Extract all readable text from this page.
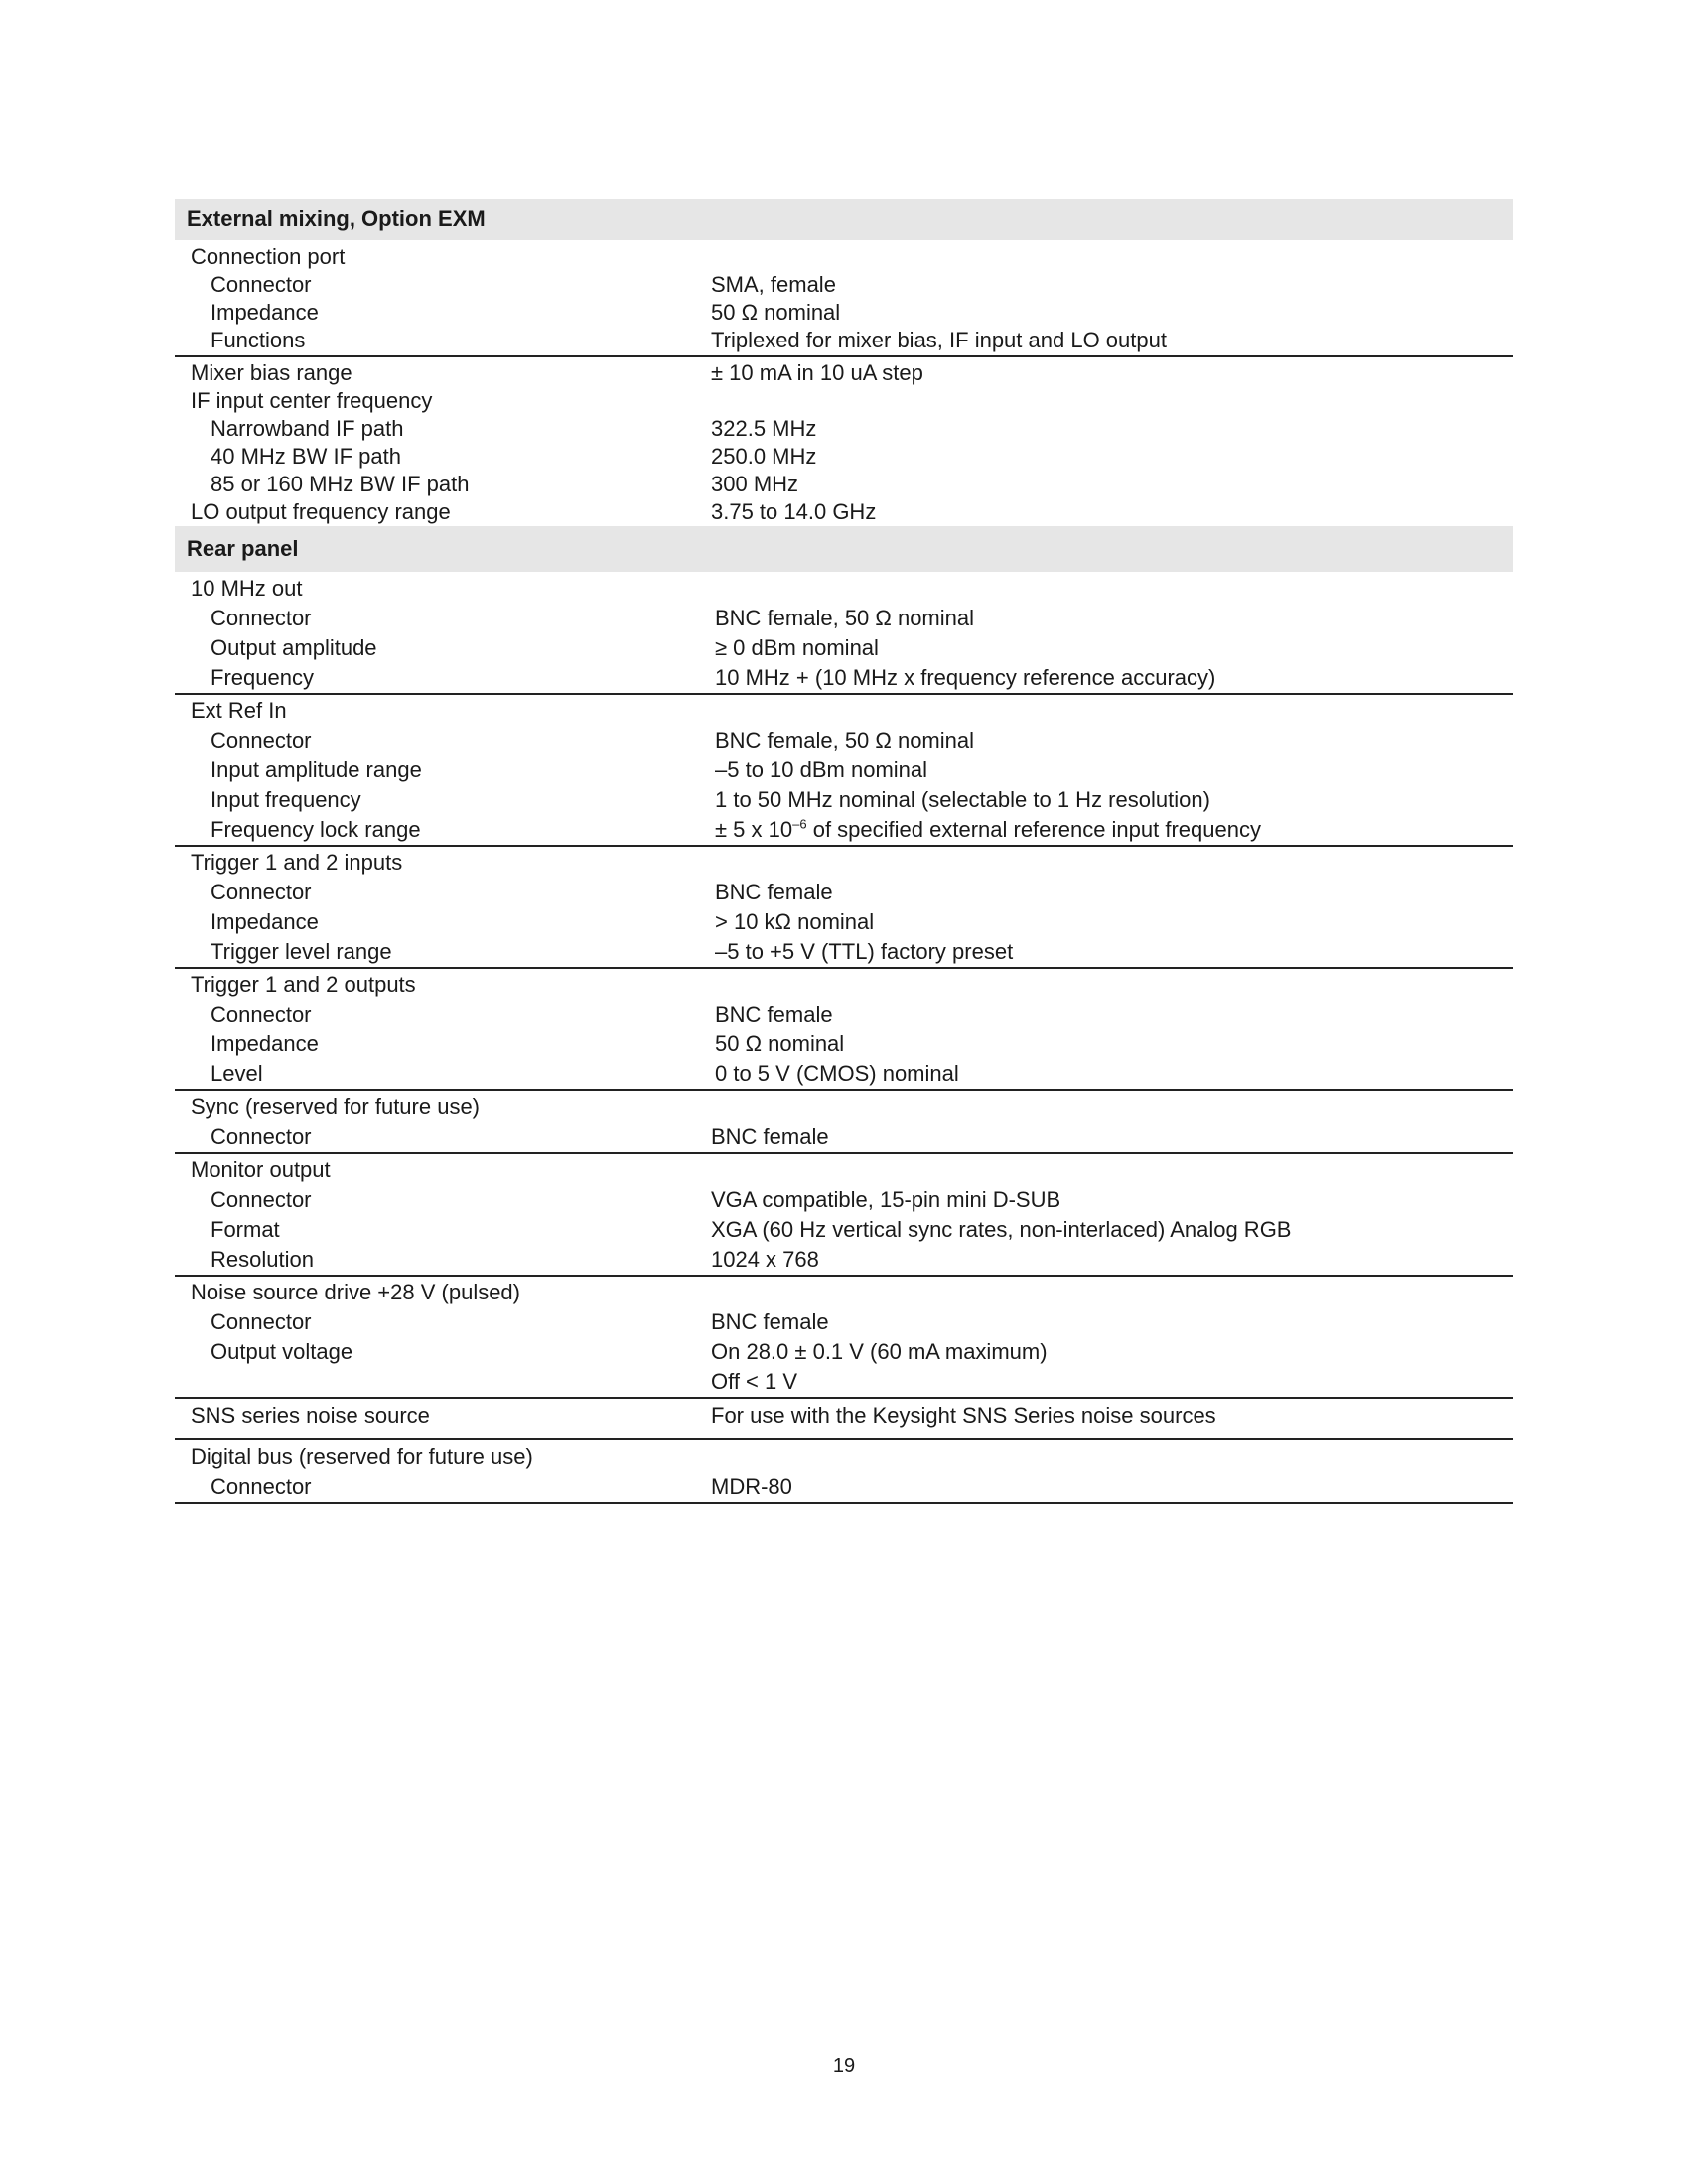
External mixing, Option EXM
Connection port
Connector	SMA, female
Impedance	50 Ω nominal
Functions	Triplexed for mixer bias, IF input and LO output
Mixer bias range	± 10 mA in 10 uA step
IF input center frequency
Narrowband IF path	322.5 MHz
40 MHz BW IF path	250.0 MHz
85 or 160 MHz BW IF path	300 MHz
LO output frequency range	3.75 to 14.0 GHz
Rear panel
10 MHz out
Connector	BNC female, 50 Ω nominal
Output amplitude	≥ 0 dBm nominal
Frequency	10 MHz + (10 MHz x frequency reference accuracy)
Ext Ref In
Connector	BNC female, 50 Ω nominal
Input amplitude range	–5 to 10 dBm nominal
Input frequency	1 to 50 MHz nominal (selectable to 1 Hz resolution)
Frequency lock range	± 5 x $10^{-6}$ of specified external reference input frequency
Trigger 1 and 2 inputs
Connector	BNC female
Impedance	> 10 kΩ nominal
Trigger level range	–5 to +5 V (TTL) factory preset
Trigger 1 and 2 outputs
Connector	BNC female
Impedance	50 Ω nominal
Level	0 to 5 V (CMOS) nominal
Sync (reserved for future use)
Connector	BNC female
Monitor output
Connector	VGA compatible, 15-pin mini D-SUB
Format	XGA (60 Hz vertical sync rates, non-interlaced) Analog RGB
Resolution	1024 x 768
Noise source drive +28 V (pulsed)
Connector	BNC female
Output voltage	On 28.0 ± 0.1 V (60 mA maximum)
Off < 1 V
SNS series noise source	For use with the Keysight SNS Series noise sources
Digital bus (reserved for future use)
Connector	MDR-80
19
